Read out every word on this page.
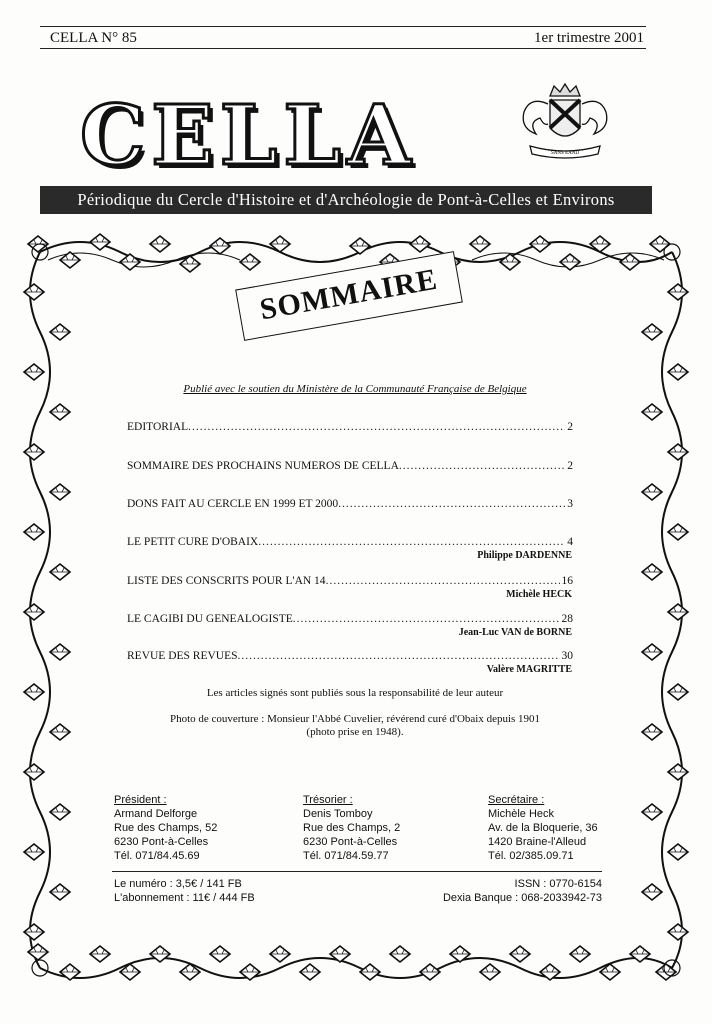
CELLA N° 85	1er trimestre 2001
CELLA	SANS EAND
Périodique du Cercle d'Histoire et d'Archéologie de Pont-à-Celles et Environs
SOMMAIRE
Publié avec le soutien du Ministère de la Communauté Française de Belgique
EDITORIAL .....	2
SOMMAIRE DES PROCHAINS NUMEROS DE CELLA .....	2
DONS FAIT AU CERCLE EN 1999 ET 2000 .....	3
LE PETIT CURE D'OBAIX .....	4
Philippe DARDENNE
LISTE DES CONSCRITS POUR L'AN 14 .....	16
Michèle HECK
LE CAGIBI DU GENEALOGISTE .....	28
Jean-Luc VAN de BORNE
REVUE DES REVUES .....	30
Valère MAGRITTE
Les articles signés sont publiés sous la responsabilité de leur auteur
Photo de couverture : Monsieur l'Abbé Cuvelier, révérend curé d'Obaix depuis 1901
(photo prise en 1948).
Président :
Armand Delforge
Rue des Champs, 52
6230 Pont-à-Celles
Tél. 071/84.45.69
Trésorier :
Denis Tomboy
Rue des Champs, 2
6230 Pont-à-Celles
Tél. 071/84.59.77
Secrétaire :
Michèle Heck
Av. de la Bloquerie, 36
1420 Braine-l'Alleud
Tél. 02/385.09.71
Le numéro : 3,5€ / 141 FB
L'abonnement : 11€ / 444 FB
ISSN : 0770-6154
Dexia Banque : 068-2033942-73
